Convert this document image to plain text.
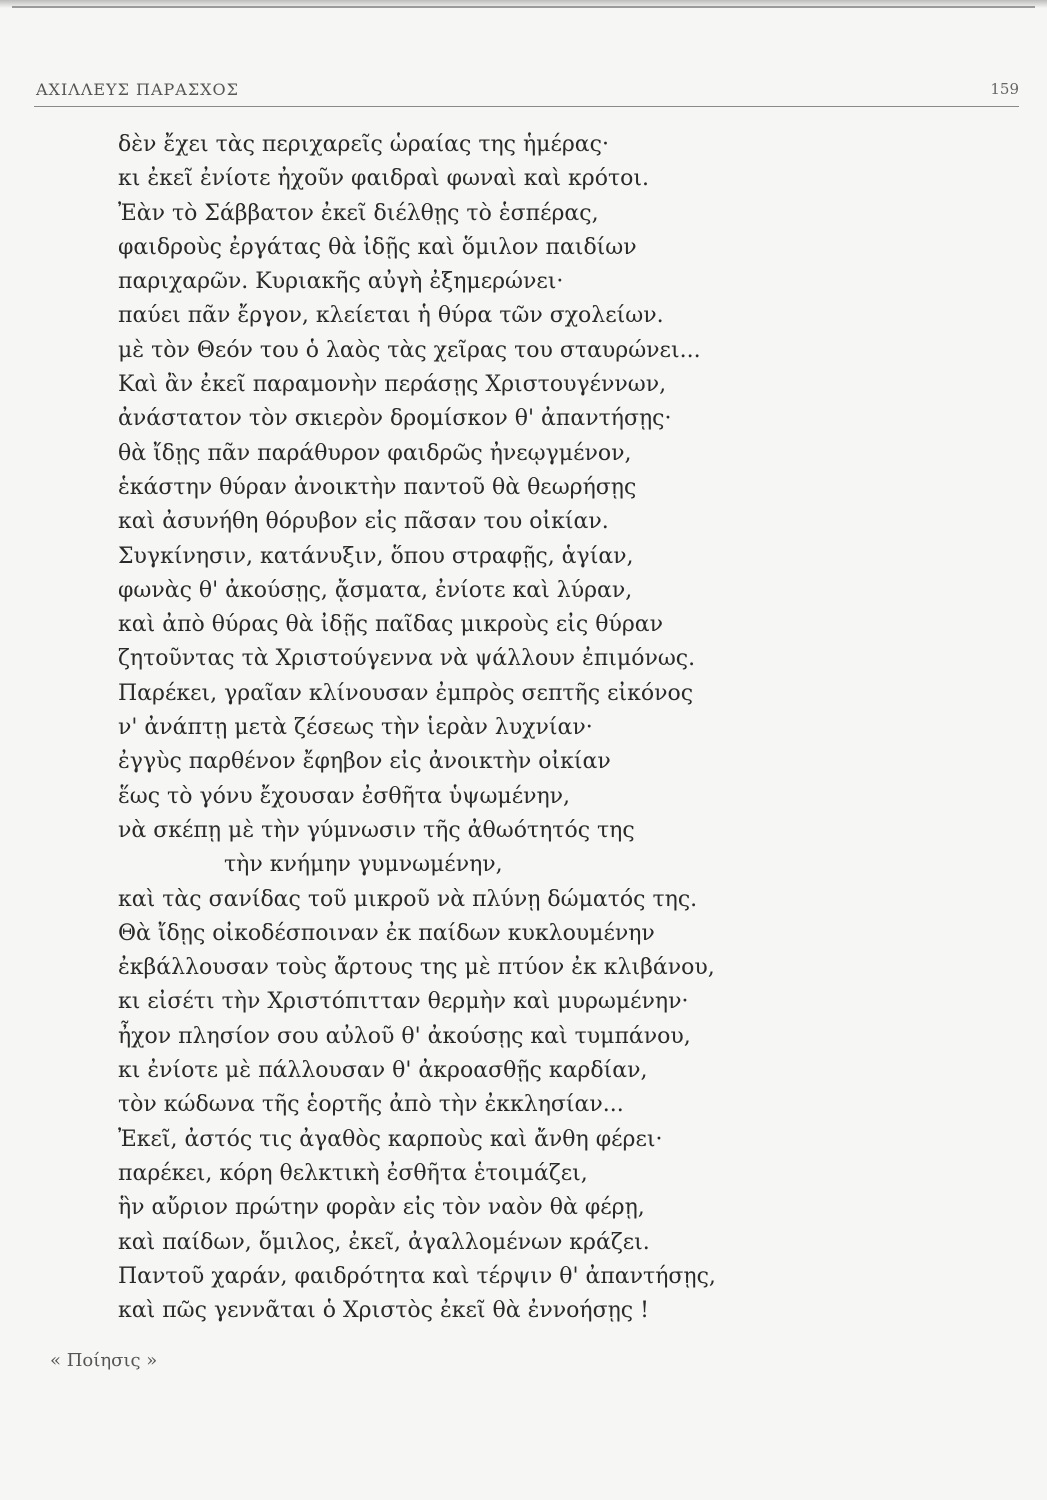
ΑΧΙΛΛΕΥΣ ΠΑΡΑΣΧΟΣ	159
δὲν ἔχει τὰς περιχαρεῖς ὡραίας της ἡμέρας·
κι ἐκεῖ ἐνίοτε ἠχοῦν φαιδραὶ φωναὶ καὶ κρότοι.
Ἐὰν τὸ Σάββατον ἐκεῖ διέλθῃς τὸ ἑσπέρας,
φαιδροὺς ἐργάτας θὰ ἰδῇς καὶ ὅμιλον παιδίων
παριχαρῶν. Κυριακῆς αὐγὴ ἐξημερώνει·
παύει πᾶν ἔργον, κλείεται ἡ θύρα τῶν σχολείων.
μὲ τὸν Θεόν του ὁ λαὸς τὰς χεῖρας του σταυρώνει...
Καὶ ἂν ἐκεῖ παραμονὴν περάσῃς Χριστουγέννων,
ἀνάστατον τὸν σκιερὸν δρομίσκον θ' ἀπαντήσῃς·
θὰ ἴδῃς πᾶν παράθυρον φαιδρῶς ἠνεῳγμένον,
ἑκάστην θύραν ἀνοικτὴν παντοῦ θὰ θεωρήσῃς
καὶ ἀσυνήθη θόρυβον εἰς πᾶσαν του οἰκίαν.
Συγκίνησιν, κατάνυξιν, ὅπου στραφῇς, ἁγίαν,
φωνὰς θ' ἀκούσῃς, ᾄσματα, ἐνίοτε καὶ λύραν,
καὶ ἀπὸ θύρας θὰ ἰδῇς παῖδας μικροὺς εἰς θύραν
ζητοῦντας τὰ Χριστούγεννα νὰ ψάλλουν ἐπιμόνως.
Παρέκει, γραῖαν κλίνουσαν ἐμπρὸς σεπτῆς εἰκόνος
ν' ἀνάπτῃ μετὰ ζέσεως τὴν ἱερὰν λυχνίαν·
ἐγγὺς παρθένον ἔφηβον εἰς ἀνοικτὴν οἰκίαν
ἕως τὸ γόνυ ἔχουσαν ἐσθῆτα ὑψωμένην,
νὰ σκέπῃ μὲ τὴν γύμνωσιν τῆς ἀθωότητός της
τὴν κνήμην γυμνωμένην,
καὶ τὰς σανίδας τοῦ μικροῦ νὰ πλύνῃ δώματός της.
Θὰ ἴδῃς οἰκοδέσποιναν ἐκ παίδων κυκλουμένην
ἐκβάλλουσαν τοὺς ἄρτους της μὲ πτύον ἐκ κλιβάνου,
κι εἰσέτι τὴν Χριστόπιτταν θερμὴν καὶ μυρωμένην·
ἦχον πλησίον σου αὐλοῦ θ' ἀκούσῃς καὶ τυμπάνου,
κι ἐνίοτε μὲ πάλλουσαν θ' ἀκροασθῇς καρδίαν,
τὸν κώδωνα τῆς ἑορτῆς ἀπὸ τὴν ἐκκλησίαν...
Ἐκεῖ, ἀστός τις ἀγαθὸς καρποὺς καὶ ἄνθη φέρει·
παρέκει, κόρη θελκτικὴ ἐσθῆτα ἑτοιμάζει,
ἣν αὔριον πρώτην φορὰν εἰς τὸν ναὸν θὰ φέρῃ,
καὶ παίδων, ὅμιλος, ἐκεῖ, ἀγαλλομένων κράζει.
Παντοῦ χαράν, φαιδρότητα καὶ τέρψιν θ' ἀπαντήσῃς,
καὶ πῶς γεννᾶται ὁ Χριστὸς ἐκεῖ θὰ ἐννοήσῃς !
« Ποίησις »
